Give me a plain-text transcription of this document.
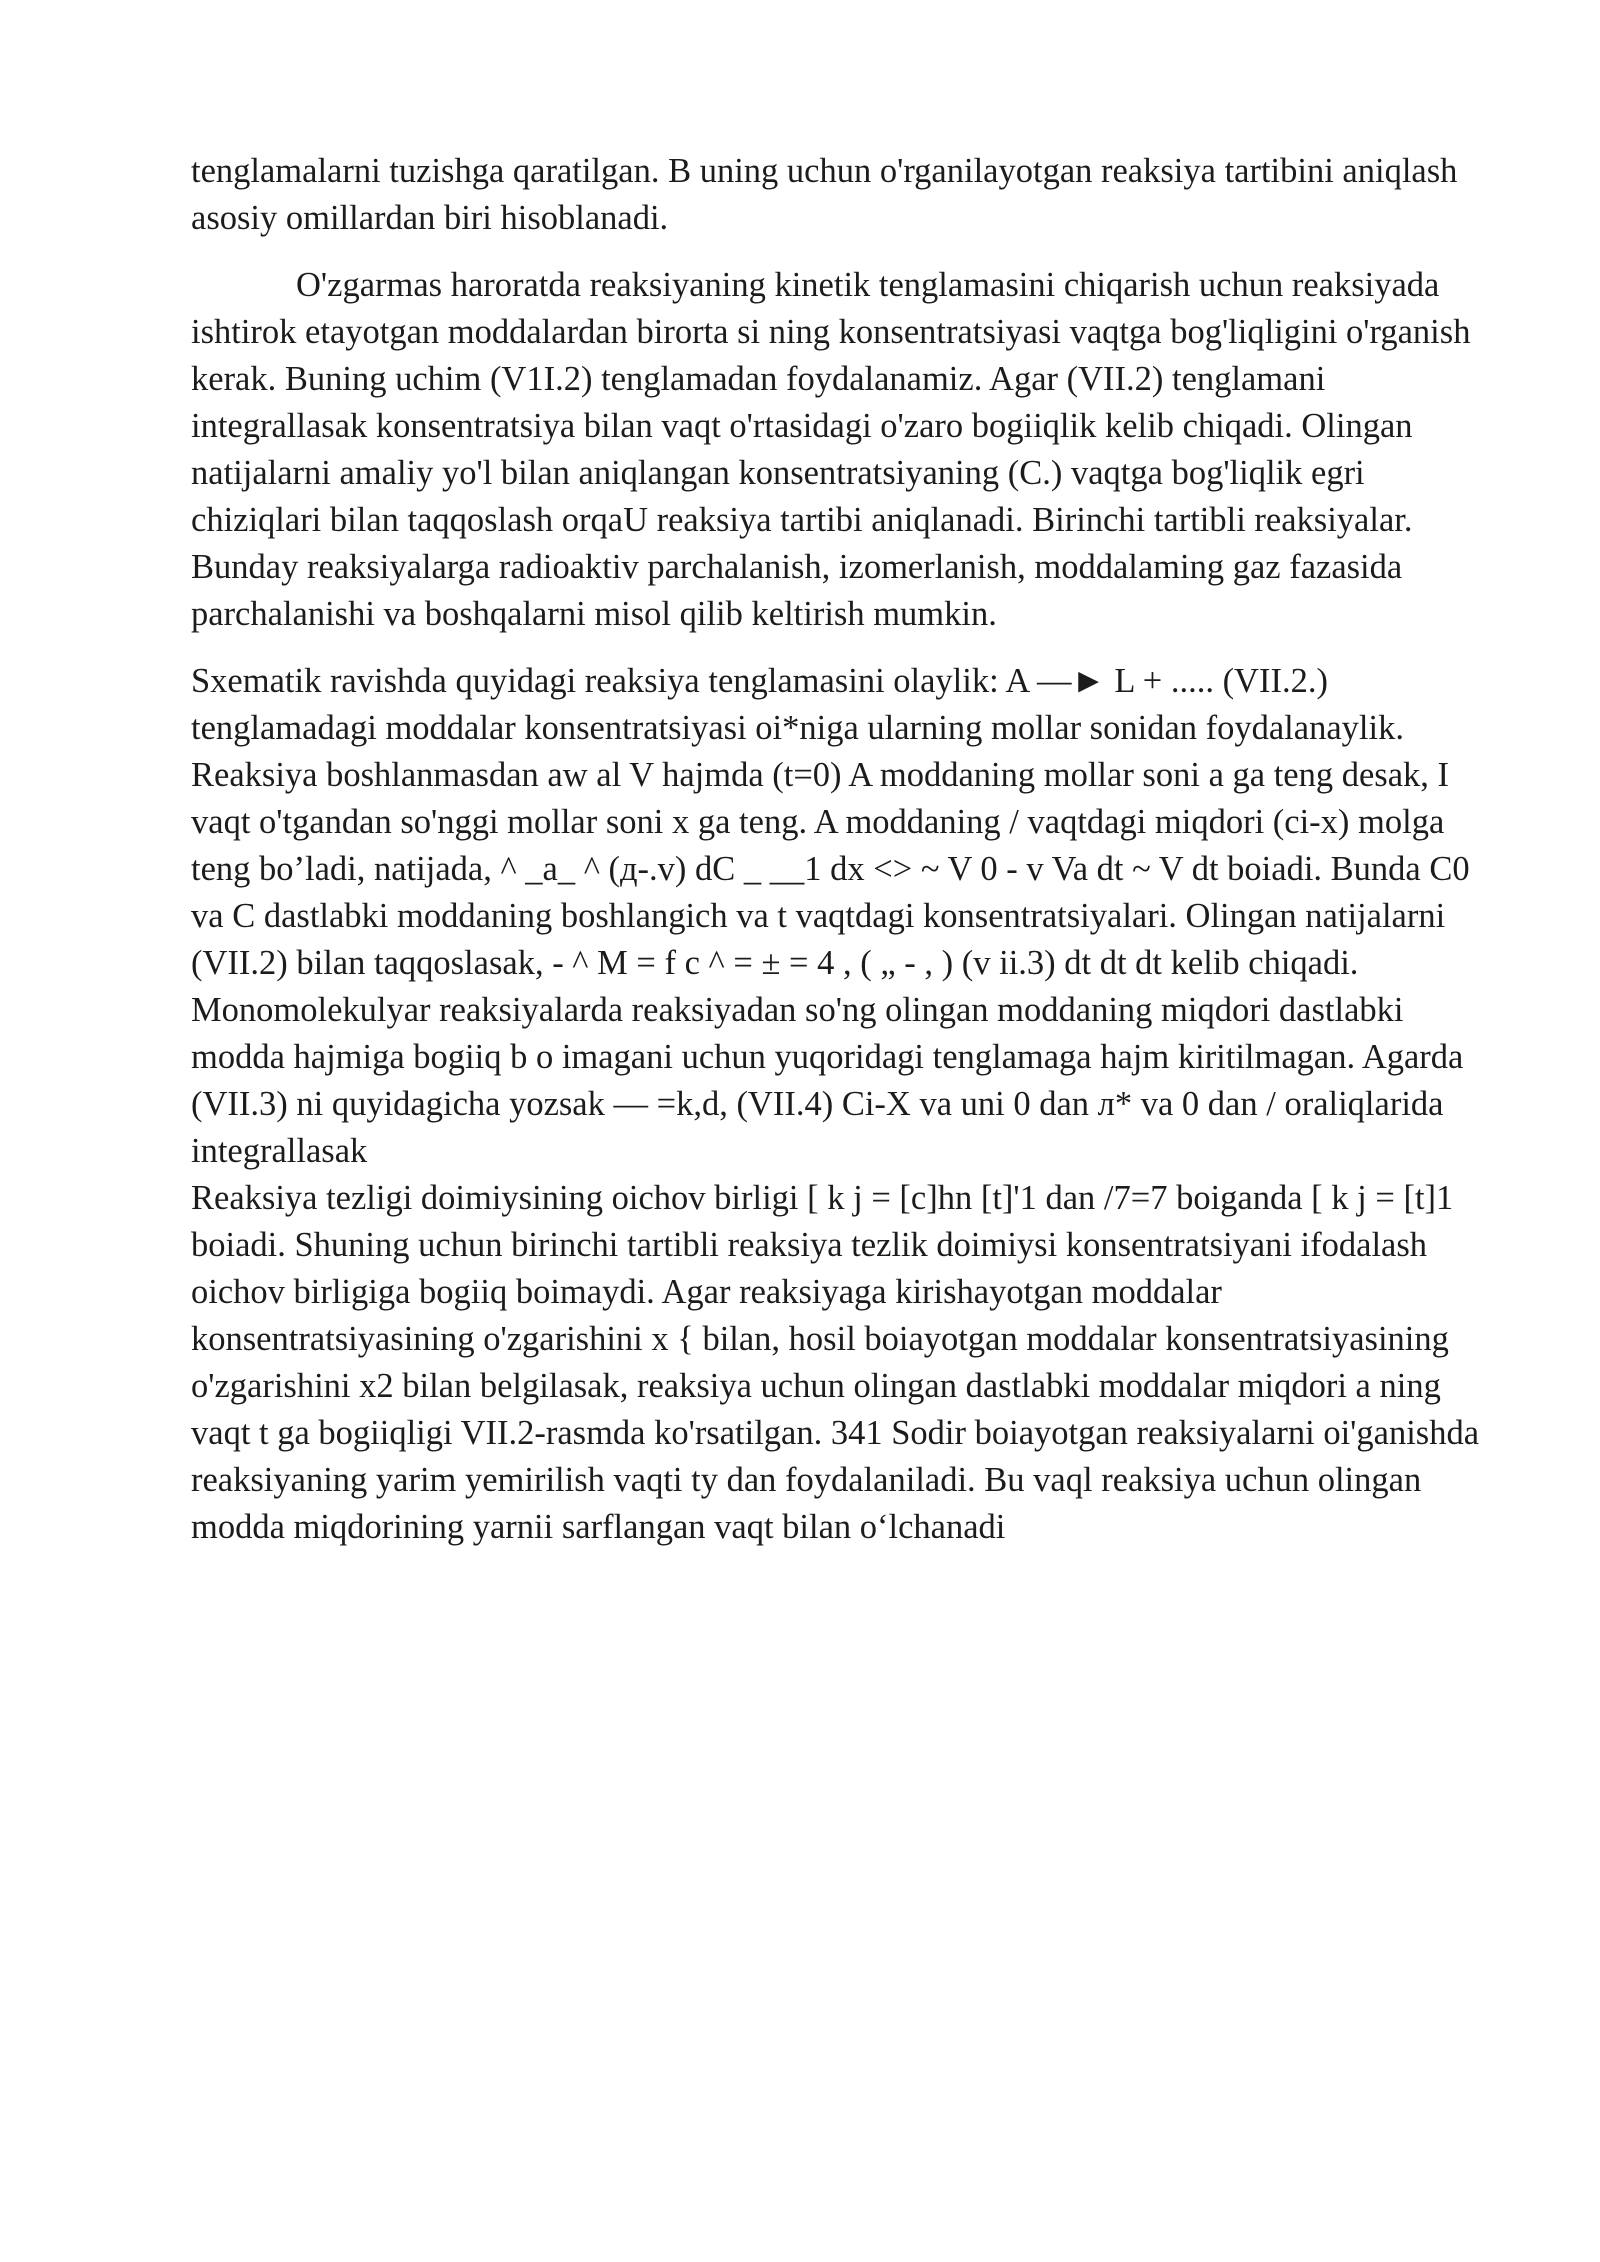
tenglamalarni tuzishga qaratilgan. B uning uchun o'rganilayotgan reaksiya tartibini aniqlash asosiy omillardan biri hisoblanadi.

O'zgarmas haroratda reaksiyaning kinetik tenglamasini chiqarish uchun reaksiyada ishtirok etayotgan moddalardan birorta si ning konsentratsiyasi vaqtga bog'liqligini o'rganish kerak. Buning uchim (V1I.2) tenglamadan foydalanamiz. Agar (VII.2) tenglamani integrallasak konsentratsiya bilan vaqt o'rtasidagi o'zaro bogiiqlik kelib chiqadi. Olingan natijalarni amaliy yo'l bilan aniqlangan konsentratsiyaning (C.) vaqtga bog'liqlik egri chiziqlari bilan taqqoslash orqaU reaksiya tartibi aniqlanadi. Birinchi tartibli reaksiyalar. Bunday reaksiyalarga radioaktiv parchalanish, izomerlanish, moddalaming gaz fazasida parchalanishi va boshqalarni misol qilib keltirish mumkin.

Sxematik ravishda quyidagi reaksiya tenglamasini olaylik: A —► L + ..... (VII.2.) tenglamadagi moddalar konsentratsiyasi oi*niga ularning mollar sonidan foydalanaylik. Reaksiya boshlanmasdan aw al V hajmda (t=0) A moddaning mollar soni a ga teng desak, I vaqt o'tgandan so'nggi mollar soni x ga teng. A moddaning / vaqtdagi miqdori (ci-x) molga teng bo’ladi, natijada, ^ _a_ ^ (д-.v) dC _ __1 dx <> ~ V 0 - v Va dt ~ V dt boiadi. Bunda C0 va C dastlabki moddaning boshlangich va t vaqtdagi konsentratsiyalari. Olingan natijalarni (VII.2) bilan taqqoslasak, - ^ M = f c ^ = ± = 4 , ( „ - , ) (v ii.3) dt dt dt kelib chiqadi. Monomolekulyar reaksiyalarda reaksiyadan so'ng olingan moddaning miqdori dastlabki modda hajmiga bogiiq b o imagani uchun yuqoridagi tenglamaga hajm kiritilmagan. Agarda (VII.3) ni quyidagicha yozsak — =k,d, (VII.4) Ci-X va uni 0 dan л* va 0 dan / oraliqlarida integrallasak

Reaksiya tezligi doimiysining oichov birligi [ k j = [c]hn [t]'1 dan /7=7 boiganda [ k j = [t]1 boiadi. Shuning uchun birinchi tartibli reaksiya tezlik doimiysi konsentratsiyani ifodalash oichov birligiga bogiiq boimaydi. Agar reaksiyaga kirishayotgan moddalar konsentratsiyasining o'zgarishini x { bilan, hosil boiayotgan moddalar konsentratsiyasining o'zgarishini x2 bilan belgilasak, reaksiya uchun olingan dastlabki moddalar miqdori a ning vaqt t ga bogiiqligi VII.2-rasmda ko'rsatilgan. 341 Sodir boiayotgan reaksiyalarni oi'ganishda reaksiyaning yarim yemirilish vaqti ty dan foydalaniladi. Bu vaql reaksiya uchun olingan modda miqdorining yarnii sarflangan vaqt bilan o‘lchanadi
